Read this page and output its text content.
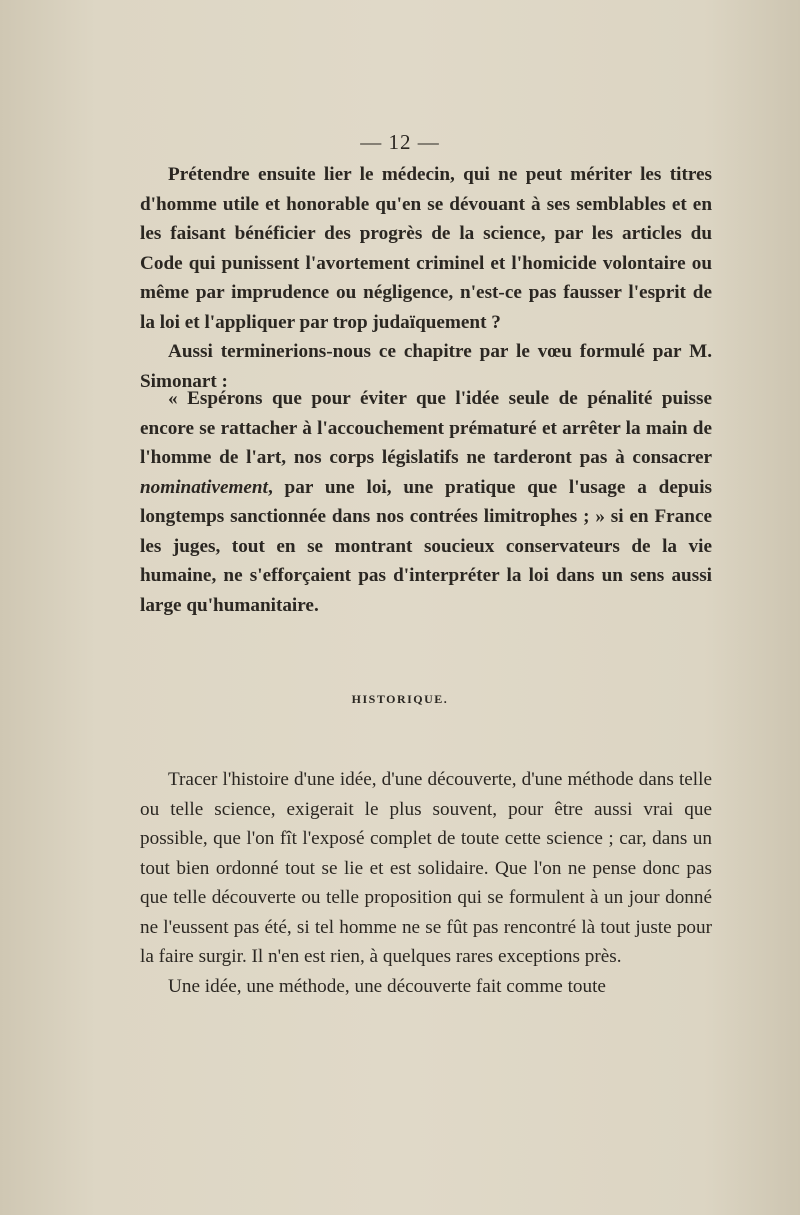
— 12 —

Prétendre ensuite lier le médecin, qui ne peut mériter les titres d'homme utile et honorable qu'en se dévouant à ses semblables et en les faisant bénéficier des progrès de la science, par les articles du Code qui punissent l'avortement criminel et l'homicide volontaire ou même par imprudence ou négligence, n'est-ce pas fausser l'esprit de la loi et l'appliquer par trop judaïquement ?

Aussi terminerions-nous ce chapitre par le vœu formulé par M. Simonart :

« Espérons que pour éviter que l'idée seule de pénalité puisse encore se rattacher à l'accouchement prématuré et arrêter la main de l'homme de l'art, nos corps législatifs ne tarderont pas à consacrer nominativement, par une loi, une pratique que l'usage a depuis longtemps sanctionnée dans nos contrées limitrophes ; » si en France les juges, tout en se montrant soucieux conservateurs de la vie humaine, ne s'efforçaient pas d'interpréter la loi dans un sens aussi large qu'humanitaire.

HISTORIQUE.

Tracer l'histoire d'une idée, d'une découverte, d'une méthode dans telle ou telle science, exigerait le plus souvent, pour être aussi vrai que possible, que l'on fît l'exposé complet de toute cette science ; car, dans un tout bien ordonné tout se lie et est solidaire. Que l'on ne pense donc pas que telle découverte ou telle proposition qui se formulent à un jour donné ne l'eussent pas été, si tel homme ne se fût pas rencontré là tout juste pour la faire surgir. Il n'en est rien, à quelques rares exceptions près.

Une idée, une méthode, une découverte fait comme toute
